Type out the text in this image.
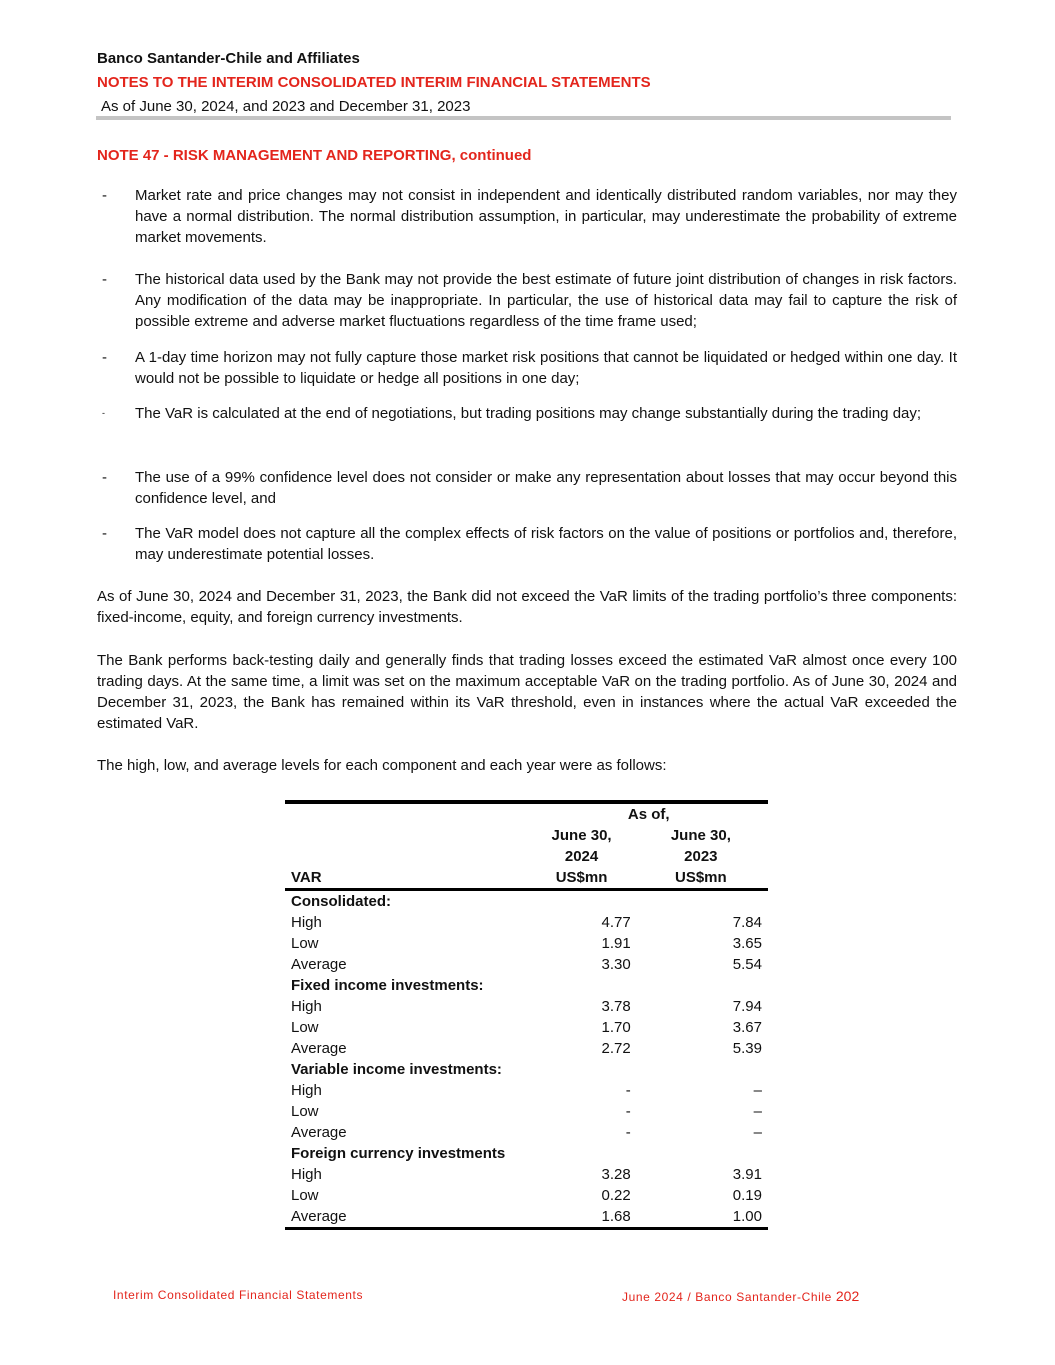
Banco Santander-Chile and Affiliates
NOTES TO THE INTERIM CONSOLIDATED INTERIM FINANCIAL STATEMENTS
As of June 30, 2024, and 2023 and December 31, 2023
NOTE 47 - RISK MANAGEMENT AND REPORTING, continued
- Market rate and price changes may not consist in independent and identically distributed random variables, nor may they have a normal distribution. The normal distribution assumption, in particular, may underestimate the probability of extreme market movements.
- The historical data used by the Bank may not provide the best estimate of future joint distribution of changes in risk factors. Any modification of the data may be inappropriate. In particular, the use of historical data may fail to capture the risk of possible extreme and adverse market fluctuations regardless of the time frame used;
- A 1-day time horizon may not fully capture those market risk positions that cannot be liquidated or hedged within one day. It would not be possible to liquidate or hedge all positions in one day;
- The VaR is calculated at the end of negotiations, but trading positions may change substantially during the trading day;
- The use of a 99% confidence level does not consider or make any representation about losses that may occur beyond this confidence level, and
- The VaR model does not capture all the complex effects of risk factors on the value of positions or portfolios and, therefore, may underestimate potential losses.
As of June 30, 2024 and December 31, 2023, the Bank did not exceed the VaR limits of the trading portfolio’s three components: fixed-income, equity, and foreign currency investments.
The Bank performs back-testing daily and generally finds that trading losses exceed the estimated VaR almost once every 100 trading days. At the same time, a limit was set on the maximum acceptable VaR on the trading portfolio. As of June 30, 2024 and December 31, 2023, the Bank has remained within its VaR threshold, even in instances where the actual VaR exceeded the estimated VaR.
The high, low, and average levels for each component and each year were as follows:
	As of,	
	June 30,	June 30,
	2024	2023
VAR	US$mn	US$mn
Consolidated:		
High	4.77	7.84
Low	1.91	3.65
Average	3.30	5.54
Fixed income investments:		
High	3.78	7.94
Low	1.70	3.67
Average	2.72	5.39
Variable income investments:		
High	-	–
Low	-	–
Average	-	–
Foreign currency investments		
High	3.28	3.91
Low	0.22	0.19
Average	1.68	1.00
Interim Consolidated Financial Statements	June 2024 / Banco Santander-Chile 202
